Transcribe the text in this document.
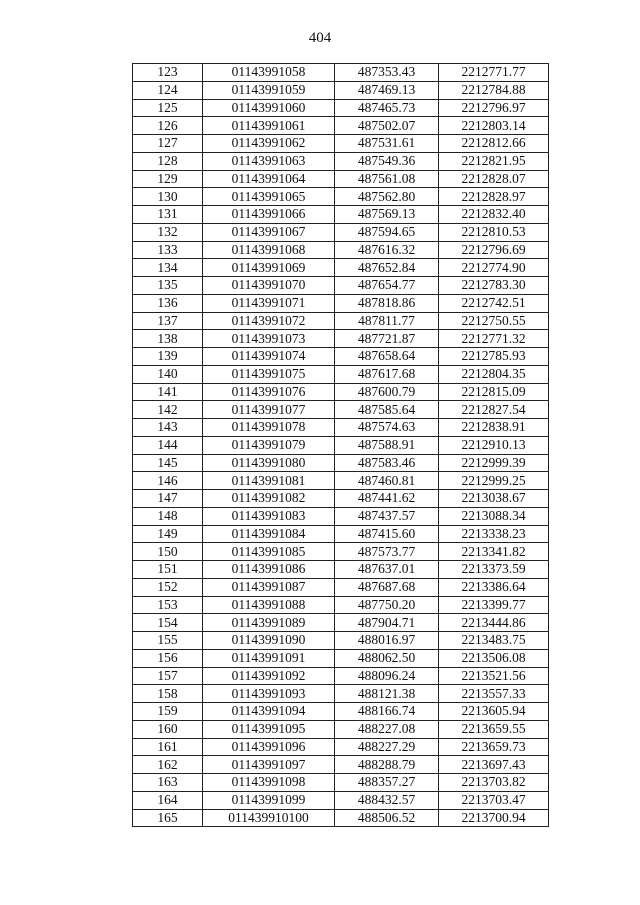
404
123	01143991058	487353.43	2212771.77
124	01143991059	487469.13	2212784.88
125	01143991060	487465.73	2212796.97
126	01143991061	487502.07	2212803.14
127	01143991062	487531.61	2212812.66
128	01143991063	487549.36	2212821.95
129	01143991064	487561.08	2212828.07
130	01143991065	487562.80	2212828.97
131	01143991066	487569.13	2212832.40
132	01143991067	487594.65	2212810.53
133	01143991068	487616.32	2212796.69
134	01143991069	487652.84	2212774.90
135	01143991070	487654.77	2212783.30
136	01143991071	487818.86	2212742.51
137	01143991072	487811.77	2212750.55
138	01143991073	487721.87	2212771.32
139	01143991074	487658.64	2212785.93
140	01143991075	487617.68	2212804.35
141	01143991076	487600.79	2212815.09
142	01143991077	487585.64	2212827.54
143	01143991078	487574.63	2212838.91
144	01143991079	487588.91	2212910.13
145	01143991080	487583.46	2212999.39
146	01143991081	487460.81	2212999.25
147	01143991082	487441.62	2213038.67
148	01143991083	487437.57	2213088.34
149	01143991084	487415.60	2213338.23
150	01143991085	487573.77	2213341.82
151	01143991086	487637.01	2213373.59
152	01143991087	487687.68	2213386.64
153	01143991088	487750.20	2213399.77
154	01143991089	487904.71	2213444.86
155	01143991090	488016.97	2213483.75
156	01143991091	488062.50	2213506.08
157	01143991092	488096.24	2213521.56
158	01143991093	488121.38	2213557.33
159	01143991094	488166.74	2213605.94
160	01143991095	488227.08	2213659.55
161	01143991096	488227.29	2213659.73
162	01143991097	488288.79	2213697.43
163	01143991098	488357.27	2213703.82
164	01143991099	488432.57	2213703.47
165	011439910100	488506.52	2213700.94
